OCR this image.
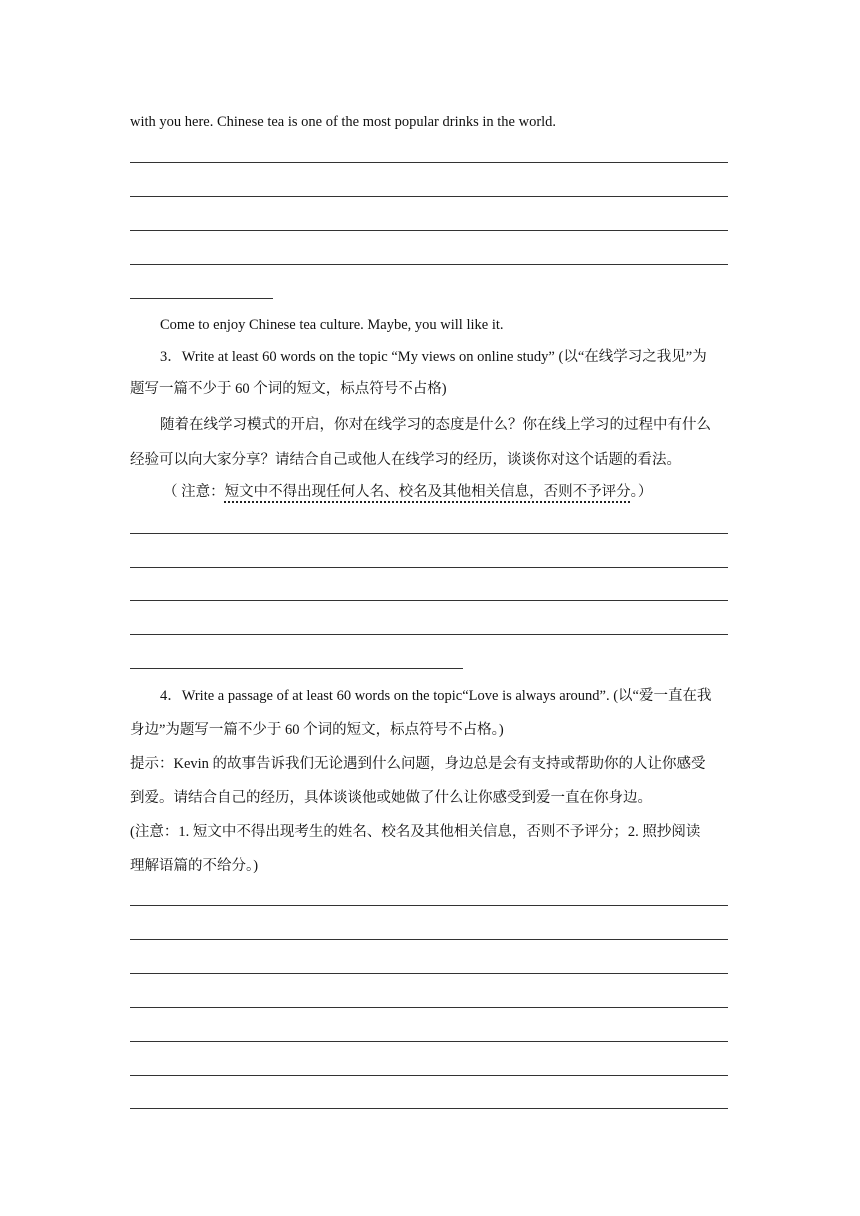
with you here. Chinese tea is one of the most popular drinks in the world.
Come to enjoy Chinese tea culture. Maybe, you will like it.
3．Write at least 60 words on the topic “My views on online study” (以“在线学习之我见”为
题写一篇不少于 60 个词的短文，标点符号不占格)
随着在线学习模式的开启，你对在线学习的态度是什么？你在线上学习的过程中有什么
经验可以向大家分享？请结合自己或他人在线学习的经历，谈谈你对这个话题的看法。
（ 注意：短文中不得出现任何人名、校名及其他相关信息，否则不予评分。）
4．Write a passage of at least 60 words on the topic“Love is always around”. (以“爱一直在我
身边”为题写一篇不少于 60 个词的短文，标点符号不占格。)
提示：Kevin 的故事告诉我们无论遇到什么问题，身边总是会有支持或帮助你的人让你感受
到爱。请结合自己的经历，具体谈谈他或她做了什么让你感受到爱一直在你身边。
(注意：1. 短文中不得出现考生的姓名、校名及其他相关信息，否则不予评分；2. 照抄阅读
理解语篇的不给分。)
